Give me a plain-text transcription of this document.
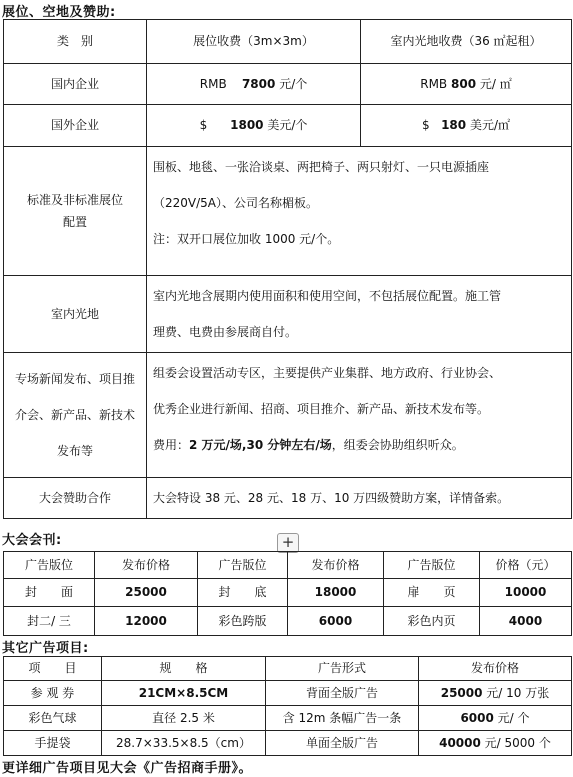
展位、空地及赞助:
类　别	展位收费（3m×3m）	室内光地收费（36 ㎡起租）
国内企业	RMB 7800 元/个	RMB 800 元/ ㎡
国外企业	$ 1800 美元/个	$ 180 美元/㎡

标准及非标准展位配置	围板、地毯、一张洽谈桌、两把椅子、两只射灯、一只电源插座

（220V/5A）、公司名称楣板。

注：双开口展位加收 1000 元/个。	

室内光地	室内光地含展期内使用面积和使用空间，不包括展位配置。施工管

理费、电费由参展商自付。	

专场新闻发布、项目推介会、新产品、新技术发布等	组委会设置活动专区，主要提供产业集群、地方政府、行业协会、

优秀企业进行新闻、招商、项目推介、新产品、新技术发布等。

费用：2 万元/场,30 分钟左右/场，组委会协助组织听众。	

大会赞助合作	大会特设 38 元、28 元、18 万、10 万四级赞助方案，详情备索。	
大会会刊:	+
广告版位	发布价格	广告版位	发布价格	广告版位	价格（元）
封　　面	25000	封　　底	18000	扉　　页	10000
封二/ 三	12000	彩色跨版	6000	彩色内页	4000
其它广告项目:
项　　目	规　　格	广告形式	发布价格
参 观 券	21CM×8.5CM	背面全版广告	25000 元/ 10 万张
彩色气球	直径 2.5 米	含 12m 条幅广告一条	6000 元/ 个
手提袋	28.7×33.5×8.5（cm）	单面全版广告	40000 元/ 5000 个
更详细广告项目见大会《广告招商手册》。
